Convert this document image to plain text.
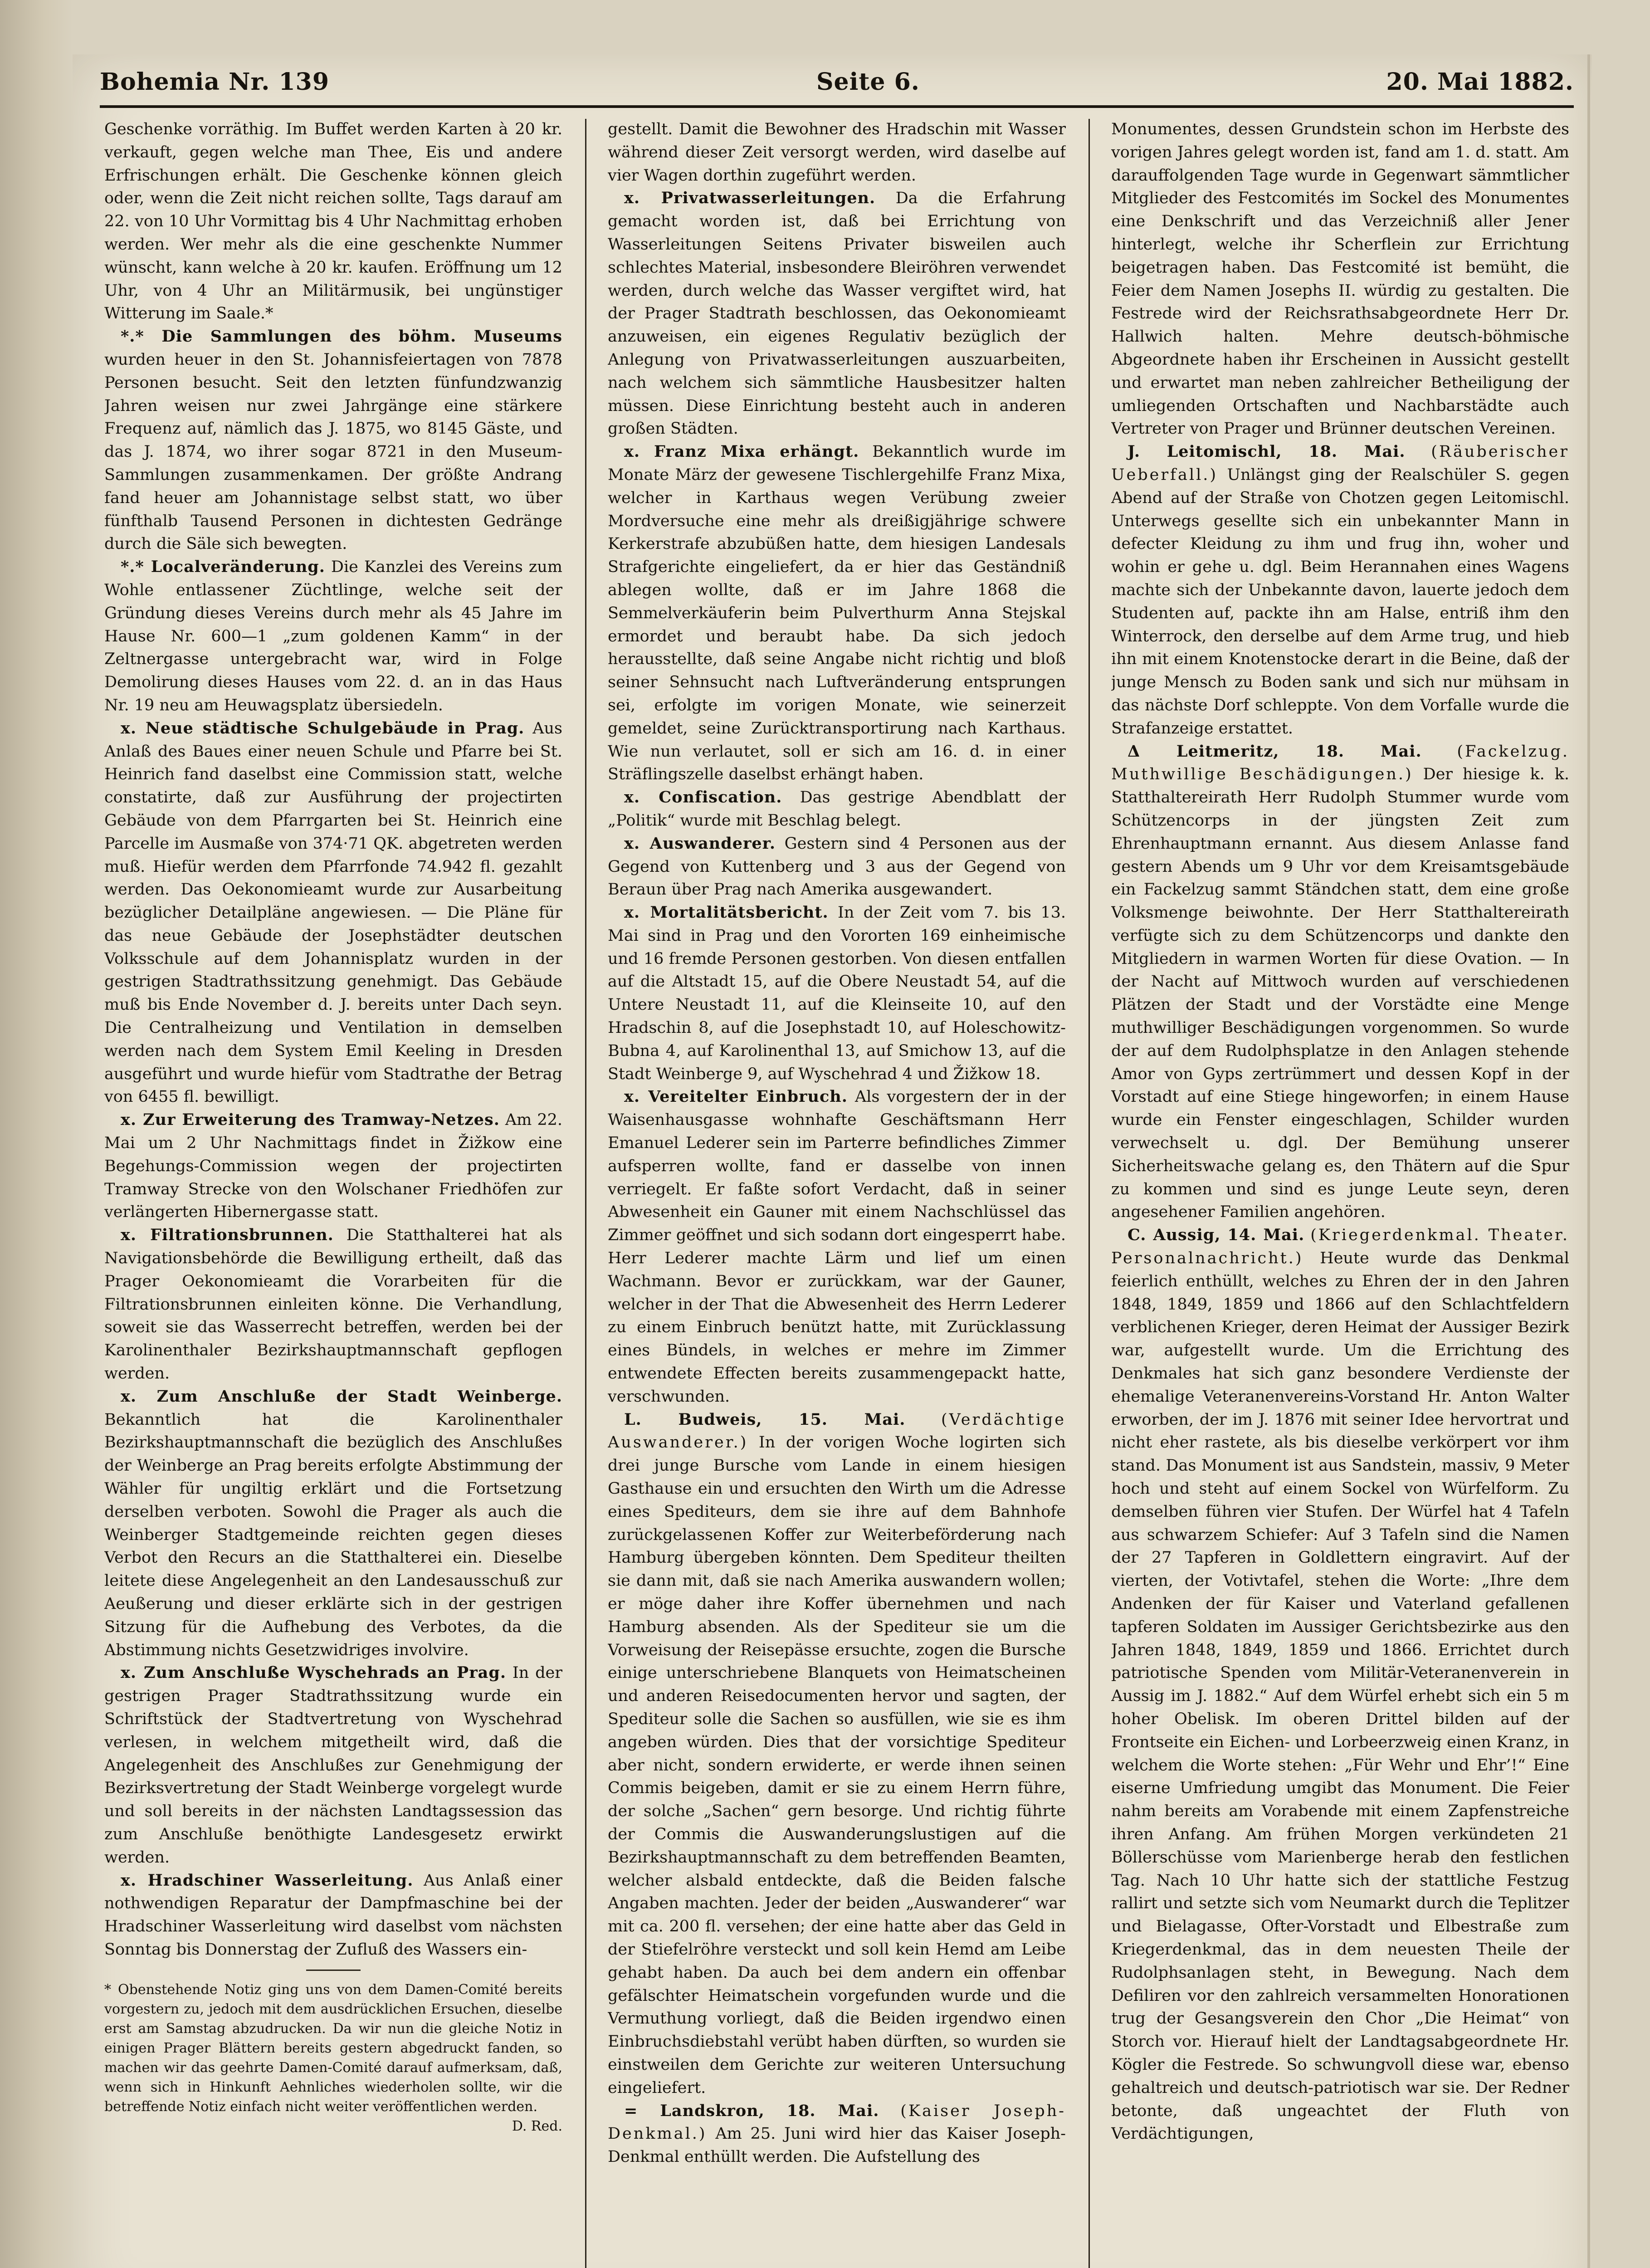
Bohemia Nr. 139	Seite 6.	20. Mai 1882.

Geschenke vorräthig. Im Buffet werden Karten à 20 kr. verkauft, gegen welche man Thee, Eis und andere Erfrischungen erhält. Die Geschenke können gleich oder, wenn die Zeit nicht reichen sollte, Tags darauf am 22. von 10 Uhr Vormittag bis 4 Uhr Nachmittag erhoben werden. Wer mehr als die eine geschenkte Nummer wünscht, kann welche à 20 kr. kaufen. Eröffnung um 12 Uhr, von 4 Uhr an Militärmusik, bei ungünstiger Witterung im Saale.*

*.* Die Sammlungen des böhm. Museums wurden heuer in den St. Johannisfeiertagen von 7878 Personen besucht. Seit den letzten fünfundzwanzig Jahren weisen nur zwei Jahrgänge eine stärkere Frequenz auf, nämlich das J. 1875, wo 8145 Gäste, und das J. 1874, wo ihrer sogar 8721 in den Museum-Sammlungen zusammenkamen. Der größte Andrang fand heuer am Johannistage selbst statt, wo über fünfthalb Tausend Personen in dichtesten Gedränge durch die Säle sich bewegten.

*.* Localveränderung. Die Kanzlei des Vereins zum Wohle entlassener Züchtlinge, welche seit der Gründung dieses Vereins durch mehr als 45 Jahre im Hause Nr. 600—1 „zum goldenen Kamm“ in der Zeltnergasse untergebracht war, wird in Folge Demolirung dieses Hauses vom 22. d. an in das Haus Nr. 19 neu am Heuwagsplatz übersiedeln.

x. Neue städtische Schulgebäude in Prag. Aus Anlaß des Baues einer neuen Schule und Pfarre bei St. Heinrich fand daselbst eine Commission statt, welche constatirte, daß zur Ausführung der projectirten Gebäude von dem Pfarrgarten bei St. Heinrich eine Parcelle im Ausmaße von 374·71 QK. abgetreten werden muß. Hiefür werden dem Pfarrfonde 74.942 fl. gezahlt werden. Das Oekonomieamt wurde zur Ausarbeitung bezüglicher Detailpläne angewiesen. — Die Pläne für das neue Gebäude der Josephstädter deutschen Volksschule auf dem Johannisplatz wurden in der gestrigen Stadtrathssitzung genehmigt. Das Gebäude muß bis Ende November d. J. bereits unter Dach seyn. Die Centralheizung und Ventilation in demselben werden nach dem System Emil Keeling in Dresden ausgeführt und wurde hiefür vom Stadtrathe der Betrag von 6455 fl. bewilligt.

x. Zur Erweiterung des Tramway-Netzes. Am 22. Mai um 2 Uhr Nachmittags findet in Žižkow eine Begehungs-Commission wegen der projectirten Tramway Strecke von den Wolschaner Friedhöfen zur verlängerten Hibernergasse statt.

x. Filtrationsbrunnen. Die Statthalterei hat als Navigationsbehörde die Bewilligung ertheilt, daß das Prager Oekonomieamt die Vorarbeiten für die Filtrationsbrunnen einleiten könne. Die Verhandlung, soweit sie das Wasserrecht betreffen, werden bei der Karolinenthaler Bezirkshauptmannschaft gepflogen werden.

x. Zum Anschluße der Stadt Weinberge. Bekanntlich hat die Karolinenthaler Bezirkshauptmannschaft die bezüglich des Anschlußes der Weinberge an Prag bereits erfolgte Abstimmung der Wähler für ungiltig erklärt und die Fortsetzung derselben verboten. Sowohl die Prager als auch die Weinberger Stadtgemeinde reichten gegen dieses Verbot den Recurs an die Statthalterei ein. Dieselbe leitete diese Angelegenheit an den Landesausschuß zur Aeußerung und dieser erklärte sich in der gestrigen Sitzung für die Aufhebung des Verbotes, da die Abstimmung nichts Gesetzwidriges involvire.

x. Zum Anschluße Wyschehrads an Prag. In der gestrigen Prager Stadtrathssitzung wurde ein Schriftstück der Stadtvertretung von Wyschehrad verlesen, in welchem mitgetheilt wird, daß die Angelegenheit des Anschlußes zur Genehmigung der Bezirksvertretung der Stadt Weinberge vorgelegt wurde und soll bereits in der nächsten Landtagssession das zum Anschluße benöthigte Landesgesetz erwirkt werden.

x. Hradschiner Wasserleitung. Aus Anlaß einer nothwendigen Reparatur der Dampfmaschine bei der Hradschiner Wasserleitung wird daselbst vom nächsten Sonntag bis Donnerstag der Zufluß des Wassers ein-

* Obenstehende Notiz ging uns von dem Damen-Comité bereits vorgestern zu, jedoch mit dem ausdrücklichen Ersuchen, dieselbe erst am Samstag abzudrucken. Da wir nun die gleiche Notiz in einigen Prager Blättern bereits gestern abgedruckt fanden, so machen wir das geehrte Damen-Comité darauf aufmerksam, daß, wenn sich in Hinkunft Aehnliches wiederholen sollte, wir die betreffende Notiz einfach nicht weiter veröffentlichen werden.
D. Red.

gestellt. Damit die Bewohner des Hradschin mit Wasser während dieser Zeit versorgt werden, wird daselbe auf vier Wagen dorthin zugeführt werden.

x. Privatwasserleitungen. Da die Erfahrung gemacht worden ist, daß bei Errichtung von Wasserleitungen Seitens Privater bisweilen auch schlechtes Material, insbesondere Bleiröhren verwendet werden, durch welche das Wasser vergiftet wird, hat der Prager Stadtrath beschlossen, das Oekonomieamt anzuweisen, ein eigenes Regulativ bezüglich der Anlegung von Privatwasserleitungen auszuarbeiten, nach welchem sich sämmtliche Hausbesitzer halten müssen. Diese Einrichtung besteht auch in anderen großen Städten.

x. Franz Mixa erhängt. Bekanntlich wurde im Monate März der gewesene Tischlergehilfe Franz Mixa, welcher in Karthaus wegen Verübung zweier Mordversuche eine mehr als dreißigjährige schwere Kerkerstrafe abzubüßen hatte, dem hiesigen Landesals Strafgerichte eingeliefert, da er hier das Geständniß ablegen wollte, daß er im Jahre 1868 die Semmelverkäuferin beim Pulverthurm Anna Stejskal ermordet und beraubt habe. Da sich jedoch herausstellte, daß seine Angabe nicht richtig und bloß seiner Sehnsucht nach Luftveränderung entsprungen sei, erfolgte im vorigen Monate, wie seinerzeit gemeldet, seine Zurücktransportirung nach Karthaus. Wie nun verlautet, soll er sich am 16. d. in einer Sträflingszelle daselbst erhängt haben.

x. Confiscation. Das gestrige Abendblatt der „Politik“ wurde mit Beschlag belegt.

x. Auswanderer. Gestern sind 4 Personen aus der Gegend von Kuttenberg und 3 aus der Gegend von Beraun über Prag nach Amerika ausgewandert.

x. Mortalitätsbericht. In der Zeit vom 7. bis 13. Mai sind in Prag und den Vororten 169 einheimische und 16 fremde Personen gestorben. Von diesen entfallen auf die Altstadt 15, auf die Obere Neustadt 54, auf die Untere Neustadt 11, auf die Kleinseite 10, auf den Hradschin 8, auf die Josephstadt 10, auf Holeschowitz-Bubna 4, auf Karolinenthal 13, auf Smichow 13, auf die Stadt Weinberge 9, auf Wyschehrad 4 und Žižkow 18.

x. Vereitelter Einbruch. Als vorgestern der in der Waisenhausgasse wohnhafte Geschäftsmann Herr Emanuel Lederer sein im Parterre befindliches Zimmer aufsperren wollte, fand er dasselbe von innen verriegelt. Er faßte sofort Verdacht, daß in seiner Abwesenheit ein Gauner mit einem Nachschlüssel das Zimmer geöffnet und sich sodann dort eingesperrt habe. Herr Lederer machte Lärm und lief um einen Wachmann. Bevor er zurückkam, war der Gauner, welcher in der That die Abwesenheit des Herrn Lederer zu einem Einbruch benützt hatte, mit Zurücklassung eines Bündels, in welches er mehre im Zimmer entwendete Effecten bereits zusammengepackt hatte, verschwunden.

L. Budweis, 15. Mai. (Verdächtige Auswanderer.) In der vorigen Woche logirten sich drei junge Bursche vom Lande in einem hiesigen Gasthause ein und ersuchten den Wirth um die Adresse eines Spediteurs, dem sie ihre auf dem Bahnhofe zurückgelassenen Koffer zur Weiterbeförderung nach Hamburg übergeben könnten. Dem Spediteur theilten sie dann mit, daß sie nach Amerika auswandern wollen; er möge daher ihre Koffer übernehmen und nach Hamburg absenden. Als der Spediteur sie um die Vorweisung der Reisepässe ersuchte, zogen die Bursche einige unterschriebene Blanquets von Heimatscheinen und anderen Reisedocumenten hervor und sagten, der Spediteur solle die Sachen so ausfüllen, wie sie es ihm angeben würden. Dies that der vorsichtige Spediteur aber nicht, sondern erwiderte, er werde ihnen seinen Commis beigeben, damit er sie zu einem Herrn führe, der solche „Sachen“ gern besorge. Und richtig führte der Commis die Auswanderungslustigen auf die Bezirkshauptmannschaft zu dem betreffenden Beamten, welcher alsbald entdeckte, daß die Beiden falsche Angaben machten. Jeder der beiden „Auswanderer“ war mit ca. 200 fl. versehen; der eine hatte aber das Geld in der Stiefelröhre versteckt und soll kein Hemd am Leibe gehabt haben. Da auch bei dem andern ein offenbar gefälschter Heimatschein vorgefunden wurde und die Vermuthung vorliegt, daß die Beiden irgendwo einen Einbruchsdiebstahl verübt haben dürften, so wurden sie einstweilen dem Gerichte zur weiteren Untersuchung eingeliefert.

= Landskron, 18. Mai. (Kaiser Joseph-Denkmal.) Am 25. Juni wird hier das Kaiser Joseph-Denkmal enthüllt werden. Die Aufstellung des

Monumentes, dessen Grundstein schon im Herbste des vorigen Jahres gelegt worden ist, fand am 1. d. statt. Am darauffolgenden Tage wurde in Gegenwart sämmtlicher Mitglieder des Festcomités im Sockel des Monumentes eine Denkschrift und das Verzeichniß aller Jener hinterlegt, welche ihr Scherflein zur Errichtung beigetragen haben. Das Festcomité ist bemüht, die Feier dem Namen Josephs II. würdig zu gestalten. Die Festrede wird der Reichsrathsabgeordnete Herr Dr. Hallwich halten. Mehre deutsch-böhmische Abgeordnete haben ihr Erscheinen in Aussicht gestellt und erwartet man neben zahlreicher Betheiligung der umliegenden Ortschaften und Nachbarstädte auch Vertreter von Prager und Brünner deutschen Vereinen.

J. Leitomischl, 18. Mai. (Räuberischer Ueberfall.) Unlängst ging der Realschüler S. gegen Abend auf der Straße von Chotzen gegen Leitomischl. Unterwegs gesellte sich ein unbekannter Mann in defecter Kleidung zu ihm und frug ihn, woher und wohin er gehe u. dgl. Beim Herannahen eines Wagens machte sich der Unbekannte davon, lauerte jedoch dem Studenten auf, packte ihn am Halse, entriß ihm den Winterrock, den derselbe auf dem Arme trug, und hieb ihn mit einem Knotenstocke derart in die Beine, daß der junge Mensch zu Boden sank und sich nur mühsam in das nächste Dorf schleppte. Von dem Vorfalle wurde die Strafanzeige erstattet.

Δ Leitmeritz, 18. Mai. (Fackelzug. Muthwillige Beschädigungen.) Der hiesige k. k. Statthaltereirath Herr Rudolph Stummer wurde vom Schützencorps in der jüngsten Zeit zum Ehrenhauptmann ernannt. Aus diesem Anlasse fand gestern Abends um 9 Uhr vor dem Kreisamtsgebäude ein Fackelzug sammt Ständchen statt, dem eine große Volksmenge beiwohnte. Der Herr Statthaltereirath verfügte sich zu dem Schützencorps und dankte den Mitgliedern in warmen Worten für diese Ovation. — In der Nacht auf Mittwoch wurden auf verschiedenen Plätzen der Stadt und der Vorstädte eine Menge muthwilliger Beschädigungen vorgenommen. So wurde der auf dem Rudolphsplatze in den Anlagen stehende Amor von Gyps zertrümmert und dessen Kopf in der Vorstadt auf eine Stiege hingeworfen; in einem Hause wurde ein Fenster eingeschlagen, Schilder wurden verwechselt u. dgl. Der Bemühung unserer Sicherheitswache gelang es, den Thätern auf die Spur zu kommen und sind es junge Leute seyn, deren angesehener Familien angehören.

C. Aussig, 14. Mai. (Kriegerdenkmal. Theater. Personalnachricht.) Heute wurde das Denkmal feierlich enthüllt, welches zu Ehren der in den Jahren 1848, 1849, 1859 und 1866 auf den Schlachtfeldern verblichenen Krieger, deren Heimat der Aussiger Bezirk war, aufgestellt wurde. Um die Errichtung des Denkmales hat sich ganz besondere Verdienste der ehemalige Veteranenvereins-Vorstand Hr. Anton Walter erworben, der im J. 1876 mit seiner Idee hervortrat und nicht eher rastete, als bis dieselbe verkörpert vor ihm stand. Das Monument ist aus Sandstein, massiv, 9 Meter hoch und steht auf einem Sockel von Würfelform. Zu demselben führen vier Stufen. Der Würfel hat 4 Tafeln aus schwarzem Schiefer: Auf 3 Tafeln sind die Namen der 27 Tapferen in Goldlettern eingravirt. Auf der vierten, der Votivtafel, stehen die Worte: „Ihre dem Andenken der für Kaiser und Vaterland gefallenen tapferen Soldaten im Aussiger Gerichtsbezirke aus den Jahren 1848, 1849, 1859 und 1866. Errichtet durch patriotische Spenden vom Militär-Veteranenverein in Aussig im J. 1882.“ Auf dem Würfel erhebt sich ein 5 m hoher Obelisk. Im oberen Drittel bilden auf der Frontseite ein Eichen- und Lorbeerzweig einen Kranz, in welchem die Worte stehen: „Für Wehr und Ehr’!“ Eine eiserne Umfriedung umgibt das Monument. Die Feier nahm bereits am Vorabende mit einem Zapfenstreiche ihren Anfang. Am frühen Morgen verkündeten 21 Böllerschüsse vom Marienberge herab den festlichen Tag. Nach 10 Uhr hatte sich der stattliche Festzug rallirt und setzte sich vom Neumarkt durch die Teplitzer und Bielagasse, Ofter-Vorstadt und Elbestraße zum Kriegerdenkmal, das in dem neuesten Theile der Rudolphsanlagen steht, in Bewegung. Nach dem Defiliren vor den zahlreich versammelten Honorationen trug der Gesangsverein den Chor „Die Heimat“ von Storch vor. Hierauf hielt der Landtagsabgeordnete Hr. Kögler die Festrede. So schwungvoll diese war, ebenso gehaltreich und deutsch-patriotisch war sie. Der Redner betonte, daß ungeachtet der Fluth von Verdächtigungen,
